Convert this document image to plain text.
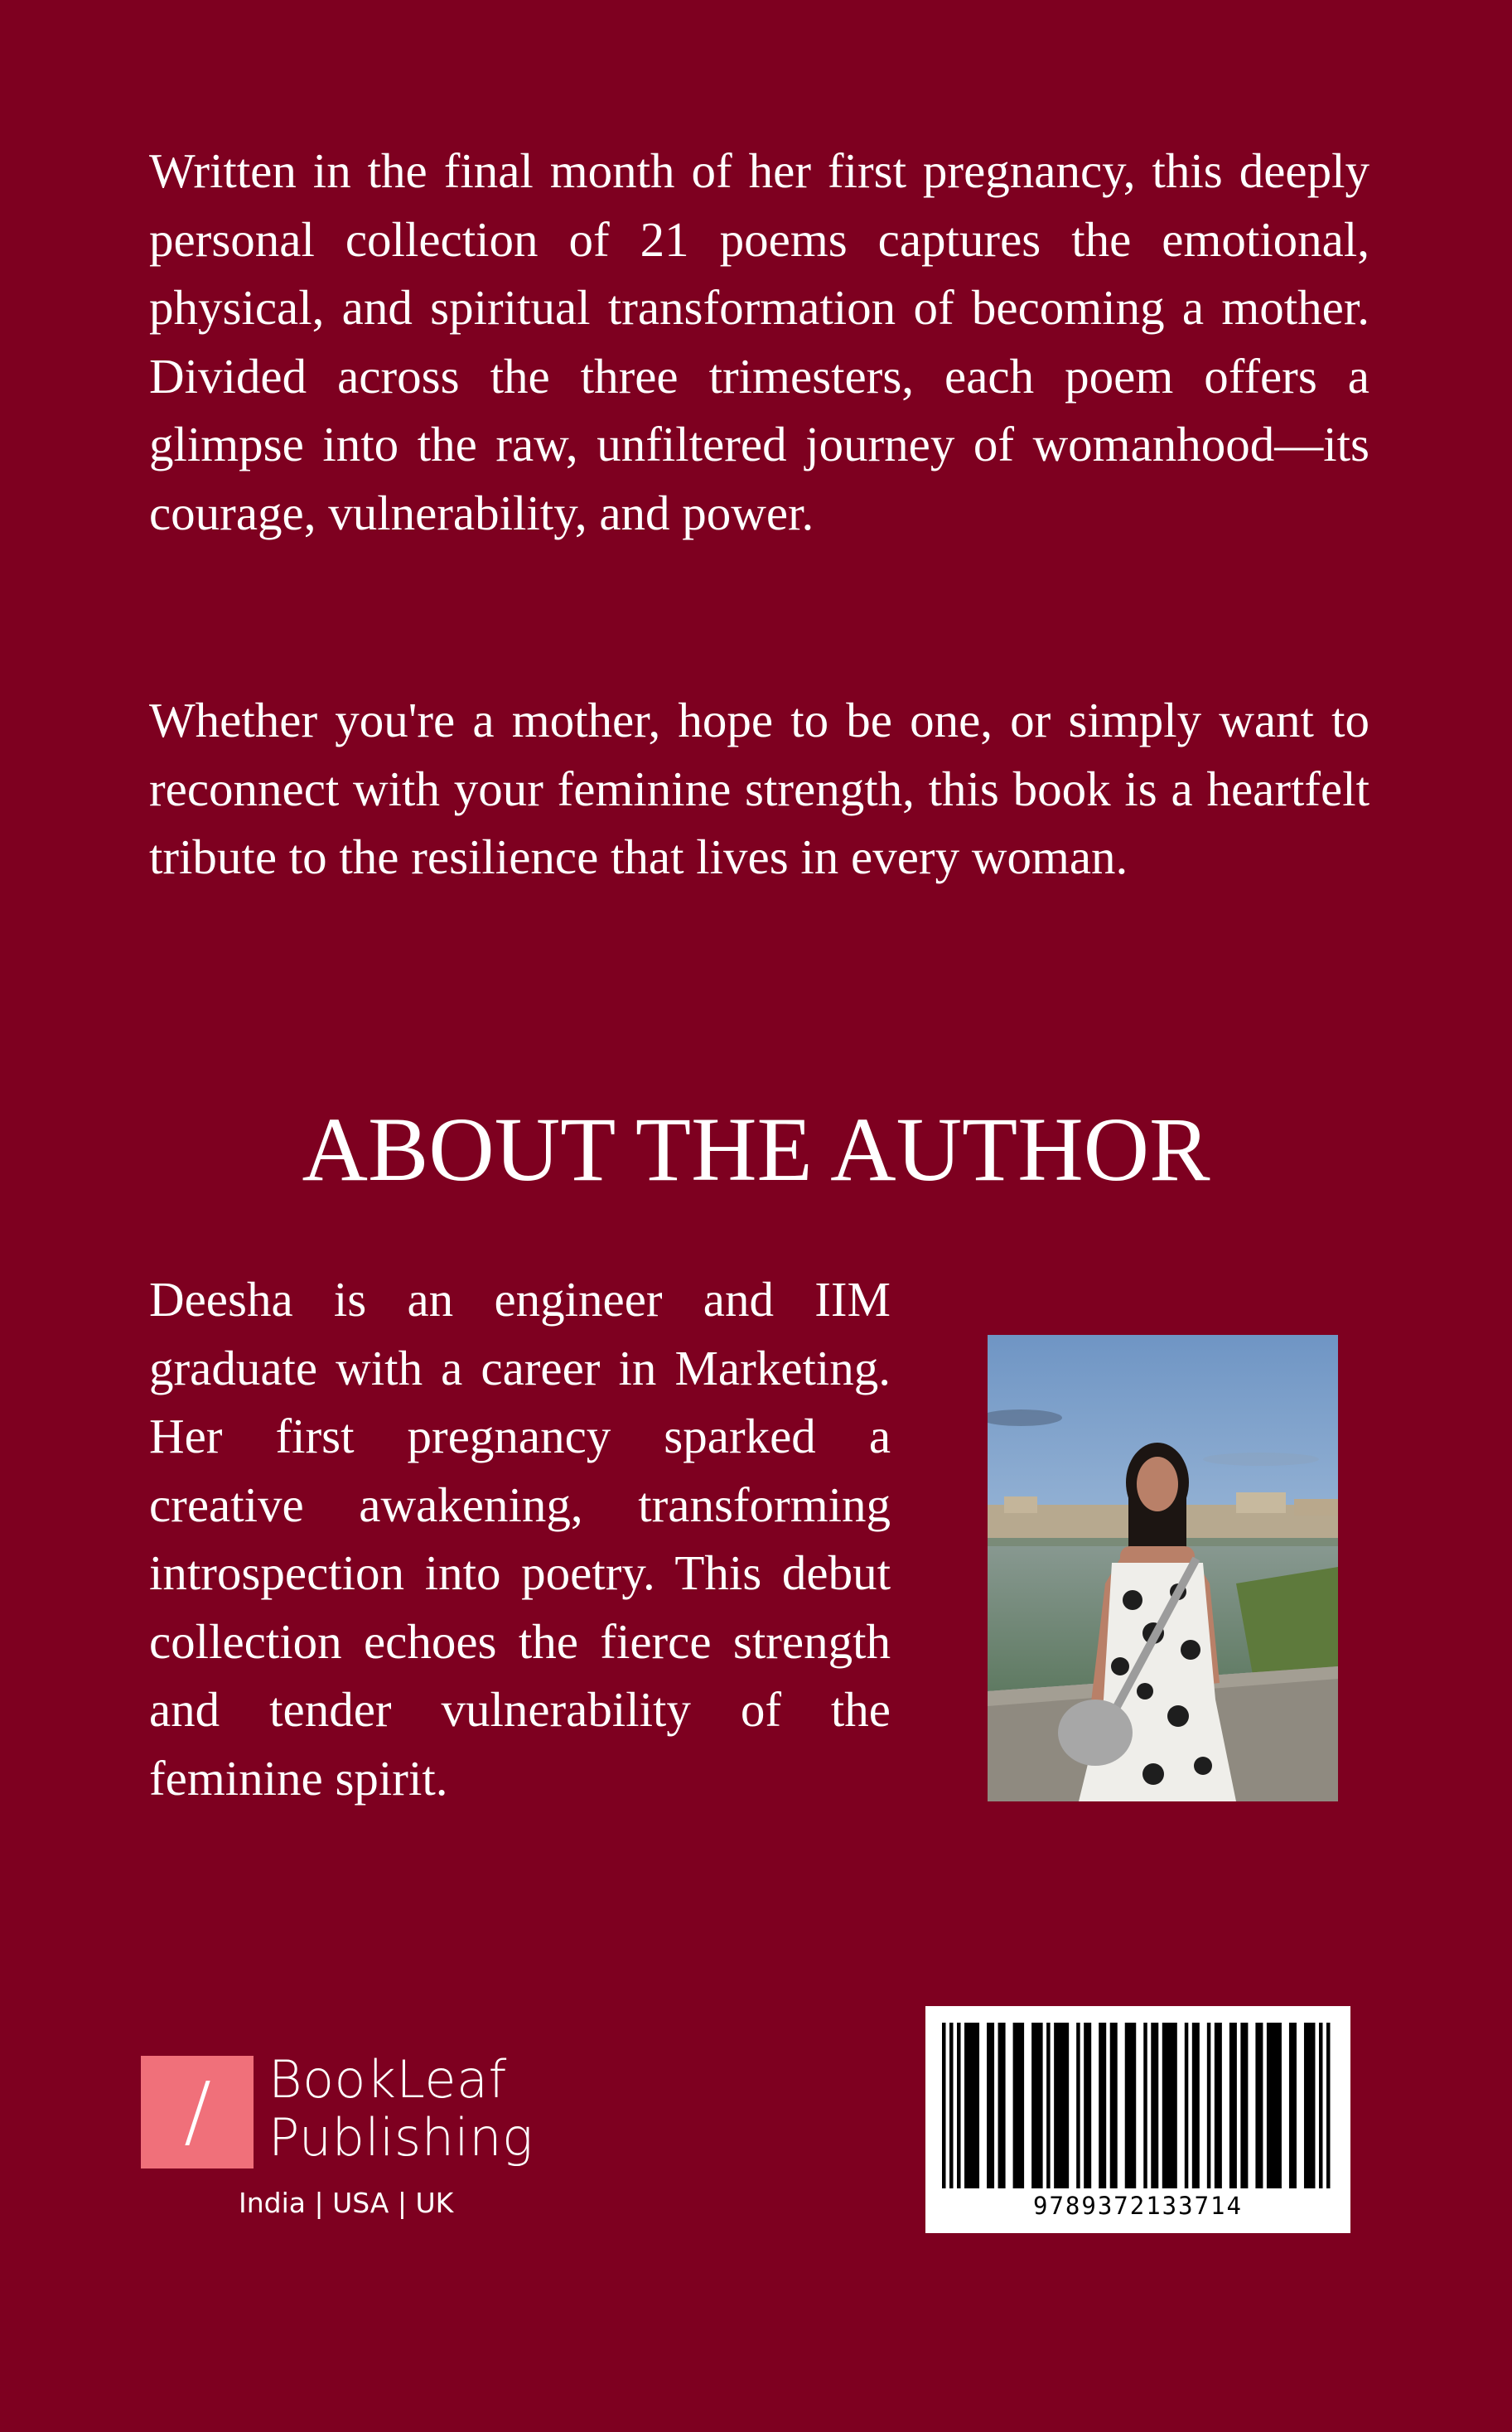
Written in the final month of her first pregnancy, this deeply personal collection of 21 poems captures the emotional, physical, and spiritual transformation of becoming a mother. Divided across the three trimesters, each poem offers a glimpse into the raw, unfiltered journey of womanhood—its courage, vulnerability, and power.

Whether you're a mother, hope to be one, or simply want to reconnect with your feminine strength, this book is a heartfelt tribute to the resilience that lives in every woman.

ABOUT THE AUTHOR

Deesha is an engineer and IIM graduate with a career in Marketing. Her first pregnancy sparked a creative awakening, transforming introspection into poetry. This debut collection echoes the fierce strength and tender vulnerability of the feminine spirit.

BookLeaf
Publishing
India | USA | UK	9789372133714
